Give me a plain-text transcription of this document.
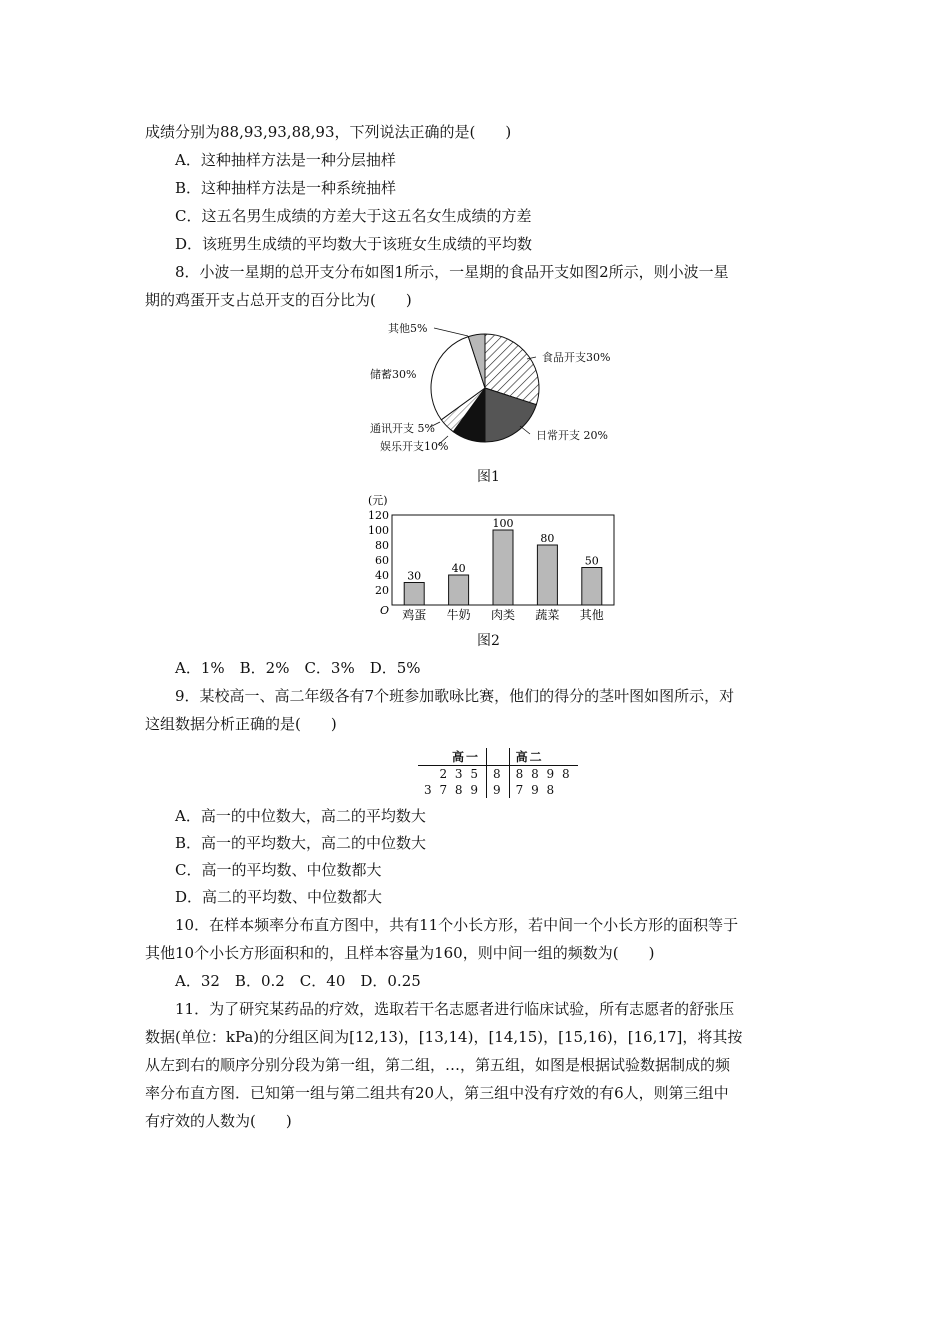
成绩分别为88,93,93,88,93，下列说法正确的是(　　)
A．这种抽样方法是一种分层抽样
B．这种抽样方法是一种系统抽样
C．这五名男生成绩的方差大于这五名女生成绩的方差
D．该班男生成绩的平均数大于该班女生成绩的平均数
8．小波一星期的总开支分布如图1所示，一星期的食品开支如图2所示，则小波一星
期的鸡蛋开支占总开支的百分比为(　　)
食品开支30%
日常开支 20%
娱乐开支10%
通讯开支 5%
储蓄30%
其他5%
图1
(元)
O
120
100
80
60
40
20
30
40
100
80
50
鸡蛋 牛奶 肉类 蔬菜 其他
图2
A．1%　B．2%　C．3%　D．5%
9．某校高一、高二年级各有7个班参加歌咏比赛，他们的得分的茎叶图如图所示，对
这组数据分析正确的是(　　)
高一		高二
2 3 5	8	8 8 9 8
3 7 8 9	9	7 9 8
A．高一的中位数大，高二的平均数大
B．高一的平均数大，高二的中位数大
C．高一的平均数、中位数都大
D．高二的平均数、中位数都大
10．在样本频率分布直方图中，共有11个小长方形，若中间一个小长方形的面积等于
其他10个小长方形面积和的，且样本容量为160，则中间一组的频数为(　　)
A．32　B．0.2　C．40　D．0.25
11．为了研究某药品的疗效，选取若干名志愿者进行临床试验，所有志愿者的舒张压
数据(单位：kPa)的分组区间为[12,13)，[13,14)，[14,15)，[15,16)，[16,17]，将其按
从左到右的顺序分别分段为第一组，第二组，…，第五组，如图是根据试验数据制成的频
率分布直方图．已知第一组与第二组共有20人，第三组中没有疗效的有6人，则第三组中
有疗效的人数为(　　)
